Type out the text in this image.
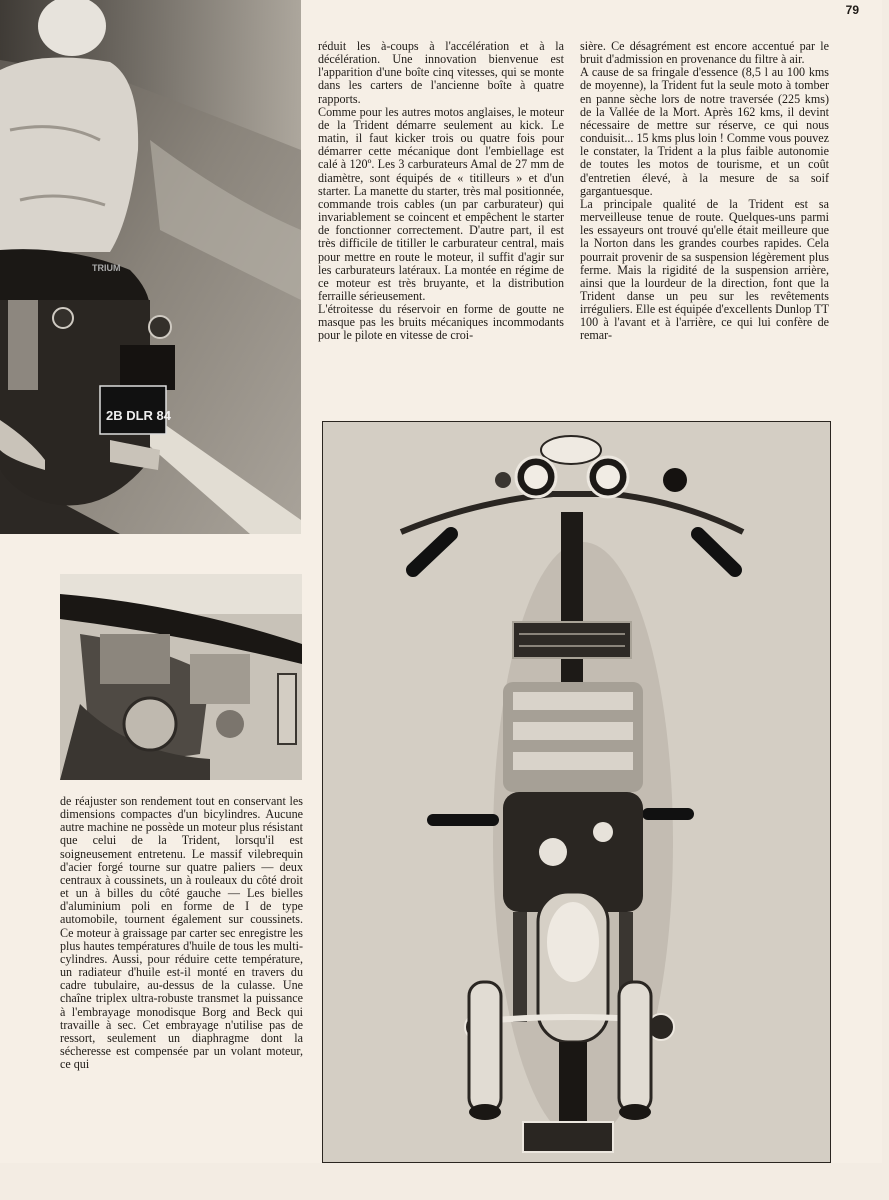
79
2B DLR 84
TRIUM

réduit les à-coups à l'accélération et à la décélération. Une innovation bienvenue est l'apparition d'une boîte cinq vitesses, qui se monte dans les carters de l'ancienne boîte à quatre rapports.

Comme pour les autres motos anglaises, le moteur de la Trident démarre seulement au kick. Le matin, il faut kicker trois ou quatre fois pour démarrer cette mécanique dont l'embiellage est calé à 120º. Les 3 carburateurs Amal de 27 mm de diamètre, sont équipés de « titilleurs » et d'un starter. La manette du starter, très mal positionnée, commande trois cables (un par carburateur) qui invariablement se coincent et empêchent le starter de fonctionner correctement. D'autre part, il est très difficile de titiller le carburateur central, mais pour mettre en route le moteur, il suffit d'agir sur les carburateurs latéraux. La montée en régime de ce moteur est très bruyante, et la distribution ferraille sérieusement.

L'étroitesse du réservoir en forme de goutte ne masque pas les bruits mécaniques incommodants pour le pilote en vitesse de croi-

sière. Ce désagrément est encore accentué par le bruit d'admission en provenance du filtre à air.

A cause de sa fringale d'essence (8,5 l au 100 kms de moyenne), la Trident fut la seule moto à tomber en panne sèche lors de notre traversée (225 kms) de la Vallée de la Mort. Après 162 kms, il devint nécessaire de mettre sur réserve, ce qui nous conduisit... 15 kms plus loin ! Comme vous pouvez le constater, la Trident a la plus faible autonomie de toutes les motos de tourisme, et un coût d'entretien élevé, à la mesure de sa soif gargantuesque.

La principale qualité de la Trident est sa merveilleuse tenue de route. Quelques-uns parmi les essayeurs ont trouvé qu'elle était meilleure que la Norton dans les grandes courbes rapides. Cela pourrait provenir de sa suspension légèrement plus ferme. Mais la rigidité de la suspension arrière, ainsi que la lourdeur de la direction, font que la Trident danse un peu sur les revêtements irréguliers. Elle est équipée d'excellents Dunlop TT 100 à l'avant et à l'arrière, ce qui lui confère de remar-

de réajuster son rendement tout en conservant les dimensions compactes d'un bicylindres. Aucune autre machine ne possède un moteur plus résistant que celui de la Trident, lorsqu'il est soigneusement entretenu. Le massif vilebrequin d'acier forgé tourne sur quatre paliers — deux centraux à coussinets, un à rouleaux du côté droit et un à billes du côté gauche — Les bielles d'aluminium poli en forme de I de type automobile, tournent également sur coussinets. Ce moteur à graissage par carter sec enregistre les plus hautes températures d'huile de tous les multi-cylindres. Aussi, pour réduire cette température, un radiateur d'huile est-il monté en travers du cadre tubulaire, au-dessus de la culasse. Une chaîne triplex ultra-robuste transmet la puissance à l'embrayage monodisque Borg and Beck qui travaille à sec. Cet embrayage n'utilise pas de ressort, seulement un diaphragme dont la sécheresse est compensée par un volant moteur, ce qui
